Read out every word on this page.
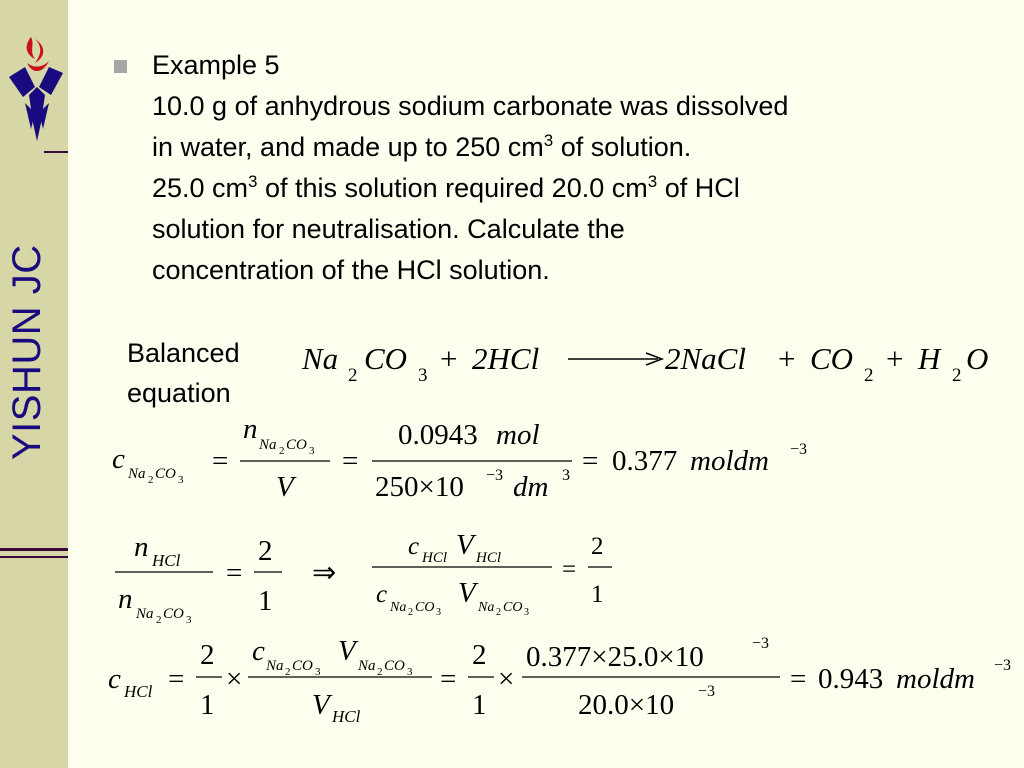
YISHUN JC
Example 5
10.0 g of anhydrous sodium carbonate was dissolved
in water, and made up to 250 $cm^3$ of solution.
25.0 $cm^3$ of this solution required 20.0 $cm^3$ of HCl
solution for neutralisation. Calculate the
concentration of the HCl solution.
Balanced
equation
Na 2 CO 3 + 2HCl	2NaCl + CO 2 + H 2 O
c Na 2 CO 3
=
n Na 2 CO 3
V
=
0.0943 mol
250×10 −3 dm 3 = 0.377 moldm −3
n HCl
n Na 2 CO 3
=
2
1
⇒
c HCl V HCl
c Na 2 CO 3
V Na 2 CO 3
=
2
1
c HCl =
2
1
×
c Na 2 CO 3
V Na 2 CO 3
V HCl
=
2
1
×
0.377×25.0×10	−3
20.0×10 −3	= 0.943 moldm −3
